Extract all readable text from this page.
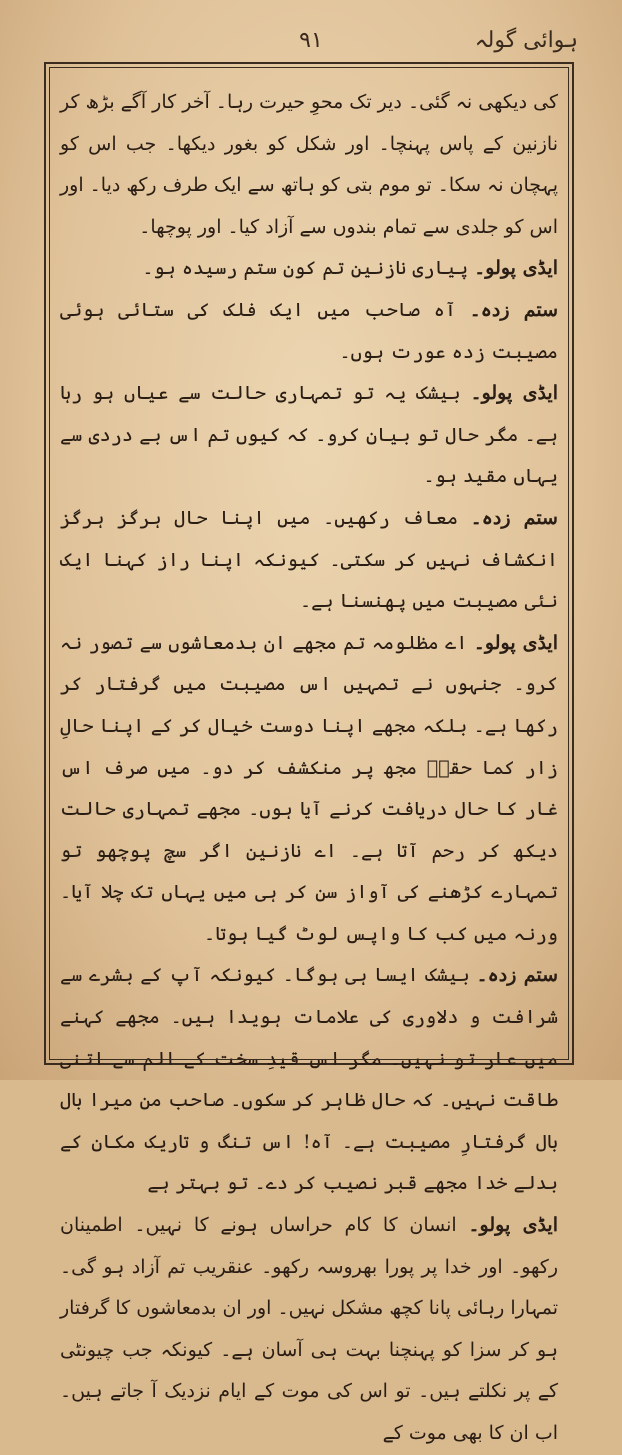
ہوائی گولہ
۹۱

کی دیکھی نہ گئی۔ دیر تک محوِ حیرت رہا۔ آخر کار آگے بڑھ کر نازنین کے پاس پہنچا۔ اور شکل کو بغور دیکھا۔ جب اس کو پہچان نہ سکا۔ تو موم بتی کو ہاتھ سے ایک طرف رکھ دیا۔ اور اس کو جلدی سے تمام بندوں سے آزاد کیا۔ اور پوچھا۔

ایڈی پولو۔ پیاری نازنین تم کون ستم رسیدہ ہو۔

ستم زدہ۔ آہ صاحب میں ایک فلک کی ستائی ہوئی مصیبت زدہ عورت ہوں۔

ایڈی پولو۔ بیشک یہ تو تمہاری حالت سے عیاں ہو رہا ہے۔ مگر حال تو بیان کرو۔ کہ کیوں تم اس بے دردی سے یہاں مقید ہو۔

ستم زدہ۔ معاف رکھیں۔ میں اپنا حال ہرگز ہرگز انکشاف نہیں کر سکتی۔ کیونکہ اپنا راز کہنا ایک نئی مصیبت میں پھنسنا ہے۔

ایڈی پولو۔ اے مظلومہ تم مجھے ان بدمعاشوں سے تصور نہ کرو۔ جنہوں نے تمہیں اس مصیبت میں گرفتار کر رکھا ہے۔ بلکہ مجھے اپنا دوست خیال کر کے اپنا حالِ زار کما حقہٗ مجھ پر منکشف کر دو۔ میں صرف اس غار کا حال دریافت کرنے آیا ہوں۔ مجھے تمہاری حالت دیکھ کر رحم آتا ہے۔ اے نازنین اگر سچ پوچھو تو تمہارے کڑھنے کی آواز سن کر ہی میں یہاں تک چلا آیا۔ ورنہ میں کب کا واپس لوٹ گیا ہوتا۔

ستم زدہ۔ بیشک ایسا ہی ہوگا۔ کیونکہ آپ کے بشرے سے شرافت و دلاوری کی علامات ہویدا ہیں۔ مجھے کہنے میں عار تو نہیں۔ مگر اس قیدِ سخت کے الم سے اتنی طاقت نہیں۔ کہ حال ظاہر کر سکوں۔ صاحب من میرا بال بال گرفتارِ مصیبت ہے۔ آہ! اس تنگ و تاریک مکان کے بدلے خدا مجھے قبر نصیب کر دے۔ تو بہتر ہے

ایڈی پولو۔ انسان کا کام حراساں ہونے کا نہیں۔ اطمینان رکھو۔ اور خدا پر پورا بھروسہ رکھو۔ عنقریب تم آزاد ہو گی۔ تمہارا رہائی پانا کچھ مشکل نہیں۔ اور ان بدمعاشوں کا گرفتار ہو کر سزا کو پہنچنا بہت ہی آسان ہے۔ کیونکہ جب چیونٹی کے پر نکلتے ہیں۔ تو اس کی موت کے ایام نزدیک آ جاتے ہیں۔ اب ان کا بھی موت کے
